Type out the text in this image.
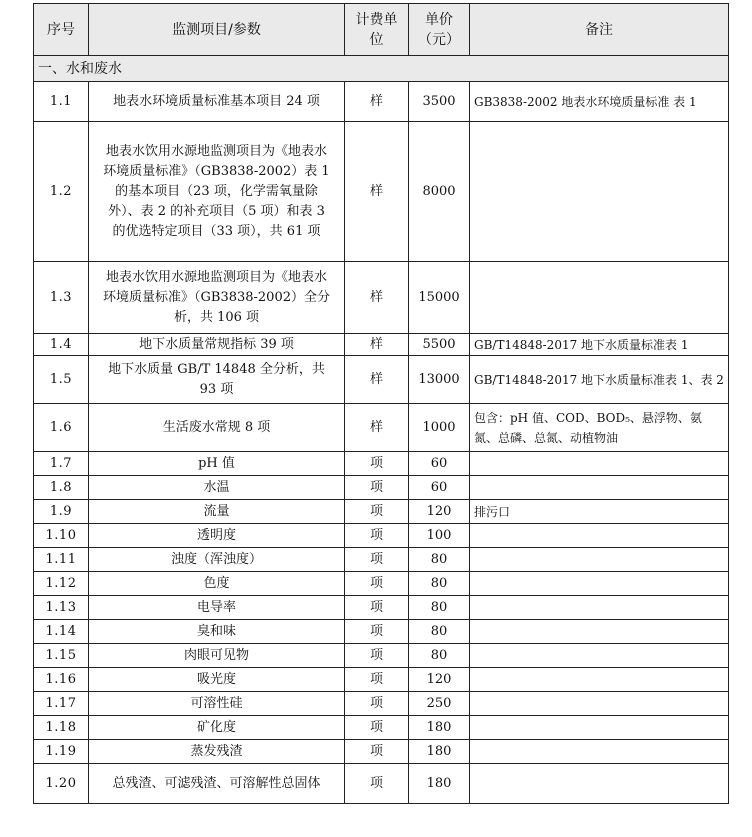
序号	监测项目/参数	计费单位	单价（元）	备注
一、水和废水				
1.1	地表水环境质量标准基本项目 24 项	样	3500	GB3838-2002 地表水环境质量标准 表 1
1.2	地表水饮用水源地监测项目为《地表水环境质量标准》（GB3838-2002）表 1 的基本项目（23 项，化学需氧量除外）、表 2 的补充项目（5 项）和表 3 的优选特定项目（33 项），共 61 项	样	8000	
1.3	地表水饮用水源地监测项目为《地表水环境质量标准》（GB3838-2002）全分析，共 106 项	样	15000	
1.4	地下水质量常规指标 39 项	样	5500	GB/T14848-2017 地下水质量标准表 1
1.5	地下水质量 GB/T 14848 全分析，共 93 项	样	13000	GB/T14848-2017 地下水质量标准表 1、表 2
1.6	生活废水常规 8 项	样	1000	包含：pH 值、COD、BOD₅、悬浮物、氨氮、总磷、总氮、动植物油
1.7	pH 值	项	60	
1.8	水温	项	60	
1.9	流量	项	120	排污口
1.10	透明度	项	100	
1.11	浊度（浑浊度）	项	80	
1.12	色度	项	80	
1.13	电导率	项	80	
1.14	臭和味	项	80	
1.15	肉眼可见物	项	80	
1.16	吸光度	项	120	
1.17	可溶性硅	项	250	
1.18	矿化度	项	180	
1.19	蒸发残渣	项	180	
1.20	总残渣、可滤残渣、可溶解性总固体	项	180	
